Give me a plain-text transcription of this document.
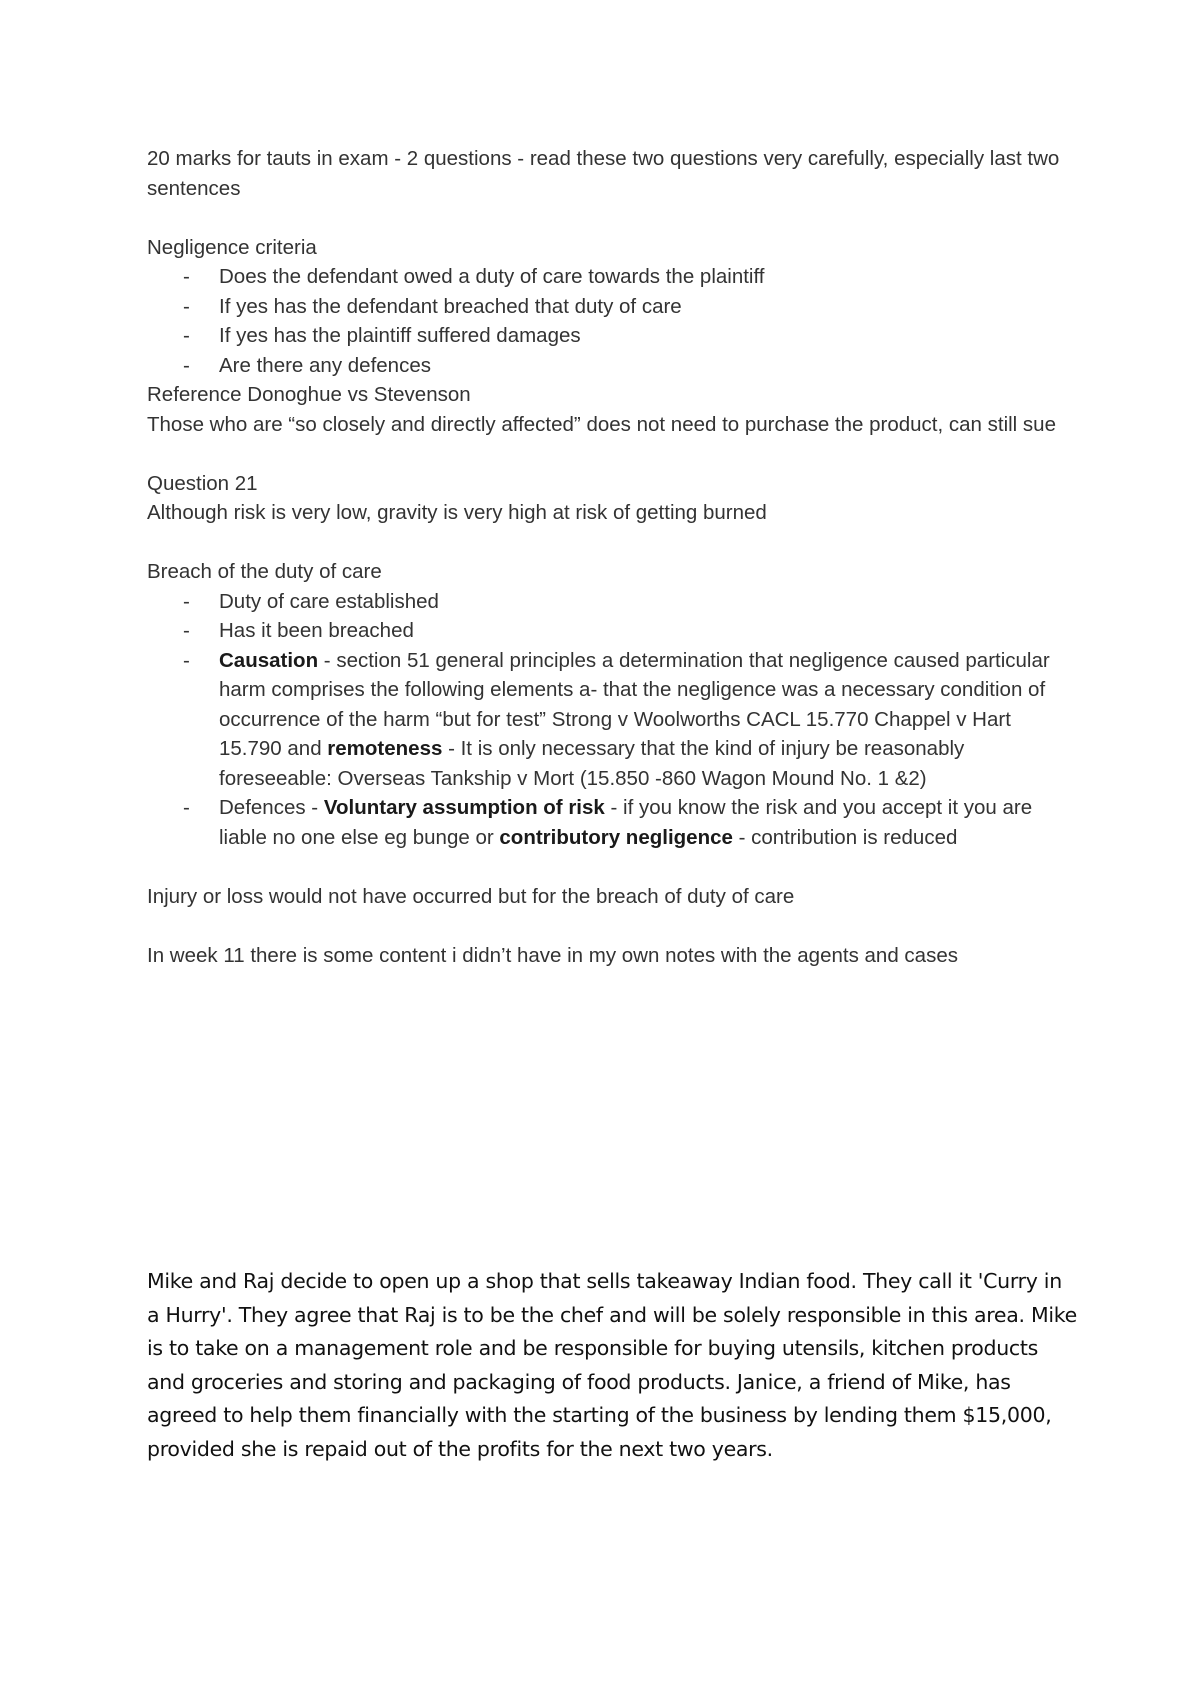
20 marks for tauts in exam - 2 questions - read these two questions very carefully, especially last two sentences

Negligence criteria

- Does the defendant owed a duty of care towards the plaintiff
- If yes has the defendant breached that duty of care
- If yes has the plaintiff suffered damages
- Are there any defences

Reference Donoghue vs Stevenson

Those who are “so closely and directly affected” does not need to purchase the product, can still sue

Question 21

Although risk is very low, gravity is very high at risk of getting burned

Breach of the duty of care

- Duty of care established
- Has it been breached
- Causation - section 51 general principles a determination that negligence caused particular harm comprises the following elements a- that the negligence was a necessary condition of occurrence of the harm “but for test” Strong v Woolworths CACL 15.770 Chappel v Hart 15.790 and remoteness - It is only necessary that the kind of injury be reasonably foreseeable: Overseas Tankship v Mort (15.850 -860 Wagon Mound No. 1 &2)
- Defences - Voluntary assumption of risk - if you know the risk and you accept it you are liable no one else eg bunge or contributory negligence - contribution is reduced

Injury or loss would not have occurred but for the breach of duty of care

In week 11 there is some content i didn’t have in my own notes with the agents and cases

Mike and Raj decide to open up a shop that sells takeaway Indian food. They call it 'Curry in a Hurry'. They agree that Raj is to be the chef and will be solely responsible in this area. Mike is to take on a management role and be responsible for buying utensils, kitchen products and groceries and storing and packaging of food products. Janice, a friend of Mike, has agreed to help them financially with the starting of the business by lending them $15,000, provided she is repaid out of the profits for the next two years.
